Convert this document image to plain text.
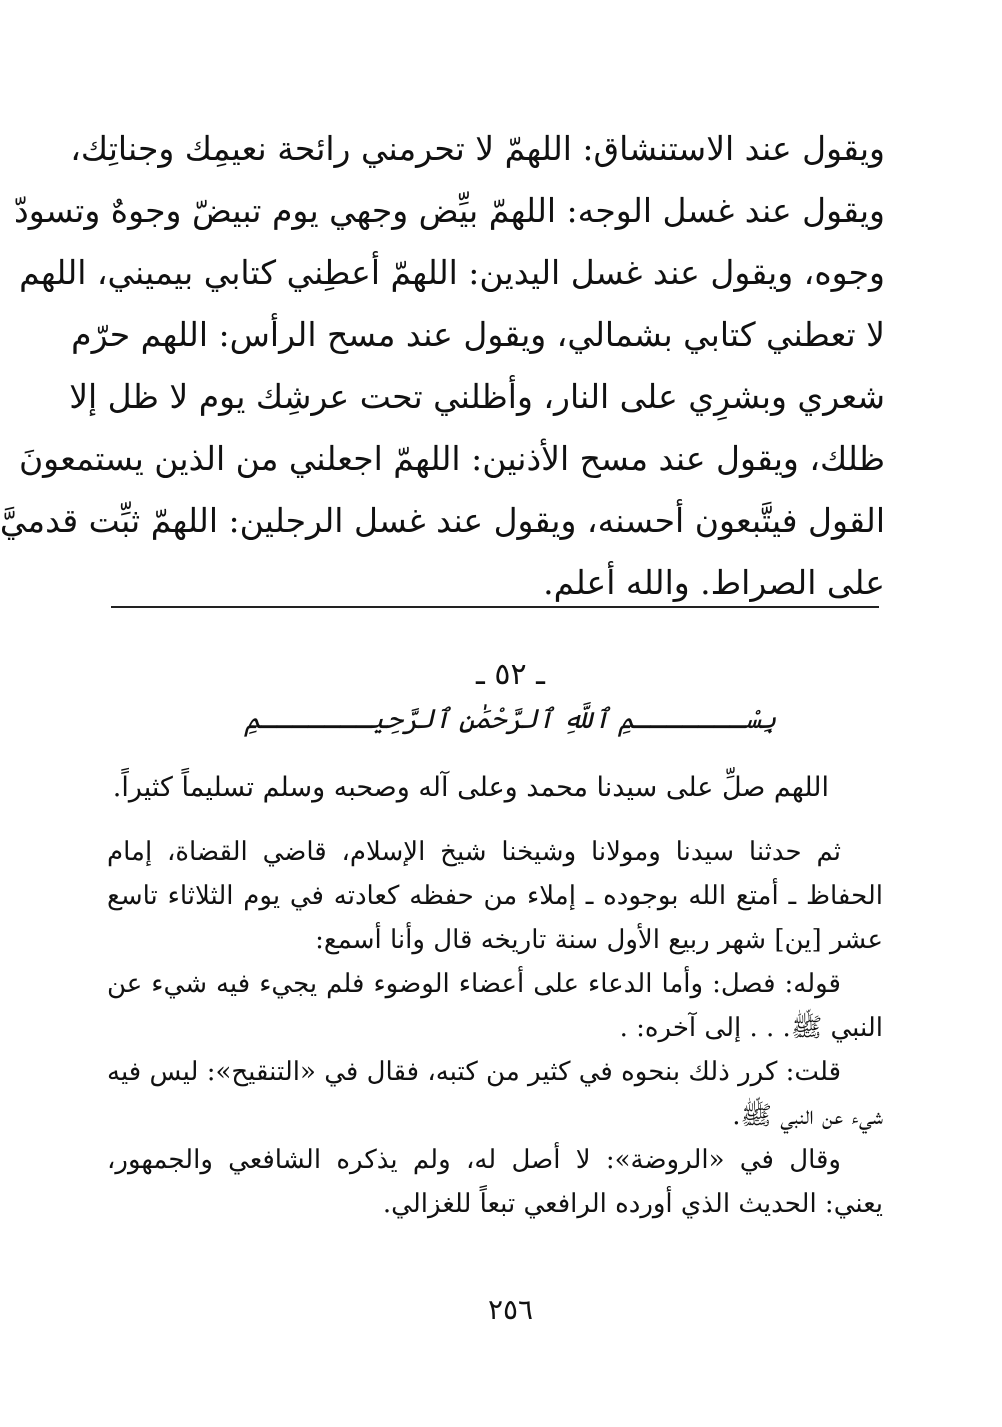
ويقول عند الاستنشاق: اللهمّ لا تحرمني رائحة نعيمِك وجناتِك،
ويقول عند غسل الوجه: اللهمّ بيِّض وجهي يوم تبيضّ وجوهٌ وتسودّ
وجوه، ويقول عند غسل اليدين: اللهمّ أعطِني كتابي بيميني، اللهم
لا تعطني كتابي بشمالي، ويقول عند مسح الرأس: اللهم حرّم
شعري وبشرِي على النار، وأظلني تحت عرشِك يوم لا ظل إلا
ظلك، ويقول عند مسح الأذنين: اللهمّ اجعلني من الذين يستمعونَ
القول فيتَّبعون أحسنه، ويقول عند غسل الرجلين: اللهمّ ثبِّت قدميَّ
على الصراط. والله أعلم.
ـ ٥٢ ـ
بِسْـــــــمِ ٱللَّهِ ٱلرَّحْمَٰنِ ٱلرَّحِيـــــــمِ
اللهم صلِّ على سيدنا محمد وعلى آله وصحبه وسلم تسليماً كثيراً.
ثم حدثنا سيدنا ومولانا وشيخنا شيخ الإسلام، قاضي القضاة، إمام
الحفاظ ـ أمتع الله بوجوده ـ إملاء من حفظه كعادته في يوم الثلاثاء تاسع
عشر [ين] شهر ربيع الأول سنة تاريخه قال وأنا أسمع:
قوله: فصل: وأما الدعاء على أعضاء الوضوء فلم يجيء فيه شيء عن
النبي ﷺ. . . إلى آخره: .
قلت: كرر ذلك بنحوه في كثير من كتبه، فقال في «التنقيح»: ليس فيه
شيء عن النبي ﷺ.
وقال في «الروضة»: لا أصل له، ولم يذكره الشافعي والجمهور،
يعني: الحديث الذي أورده الرافعي تبعاً للغزالي.
٢٥٦
